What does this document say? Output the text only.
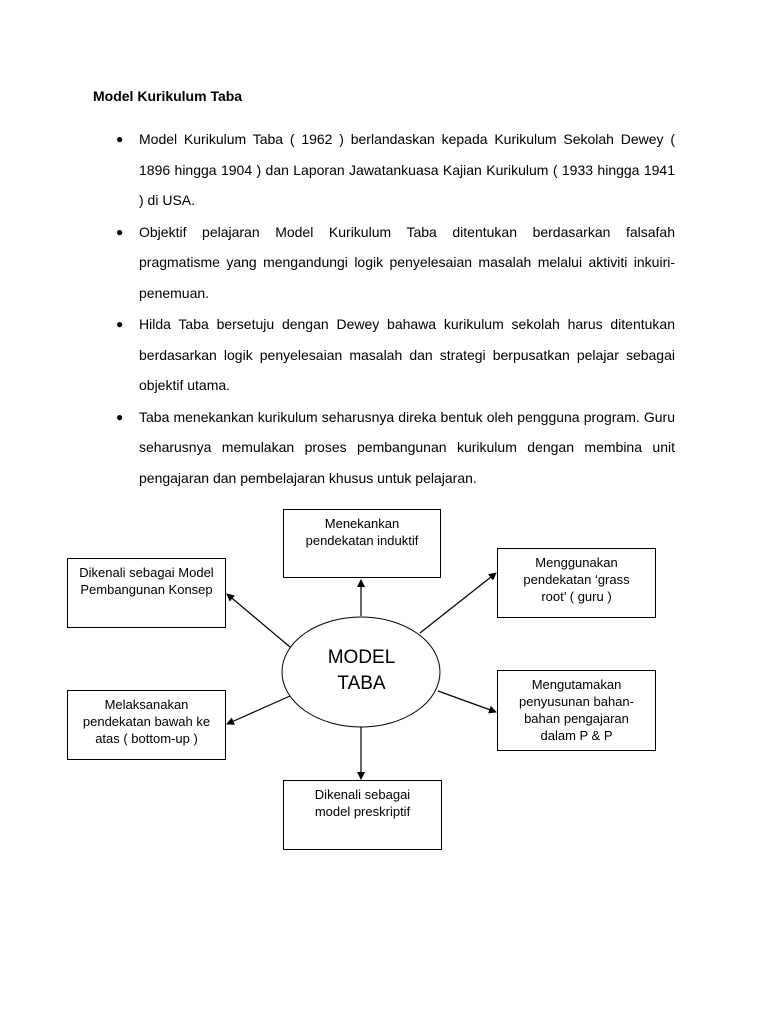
Model Kurikulum Taba
● Model Kurikulum Taba ( 1962 ) berlandaskan kepada Kurikulum Sekolah Dewey ( 1896 hingga 1904 ) dan Laporan Jawatankuasa Kajian Kurikulum ( 1933 hingga 1941 ) di USA.
● Objektif pelajaran Model Kurikulum Taba ditentukan berdasarkan falsafah pragmatisme yang mengandungi logik penyelesaian masalah melalui aktiviti inkuiri-penemuan.
● Hilda Taba bersetuju dengan Dewey bahawa kurikulum sekolah harus ditentukan berdasarkan logik penyelesaian masalah dan strategi berpusatkan pelajar sebagai objektif utama.
● Taba menekankan kurikulum seharusnya direka bentuk oleh pengguna program. Guru seharusnya memulakan proses pembangunan kurikulum dengan membina unit pengajaran dan pembelajaran khusus untuk pelajaran.
MODEL
TABA
Menekankan pendekatan induktif
Menggunakan pendekatan ‘grass root’ ( guru )
Mengutamakan penyusunan bahan-bahan pengajaran dalam P & P
Dikenali sebagai model preskriptif
Melaksanakan pendekatan bawah ke atas ( bottom-up )
Dikenali sebagai Model Pembangunan Konsep
